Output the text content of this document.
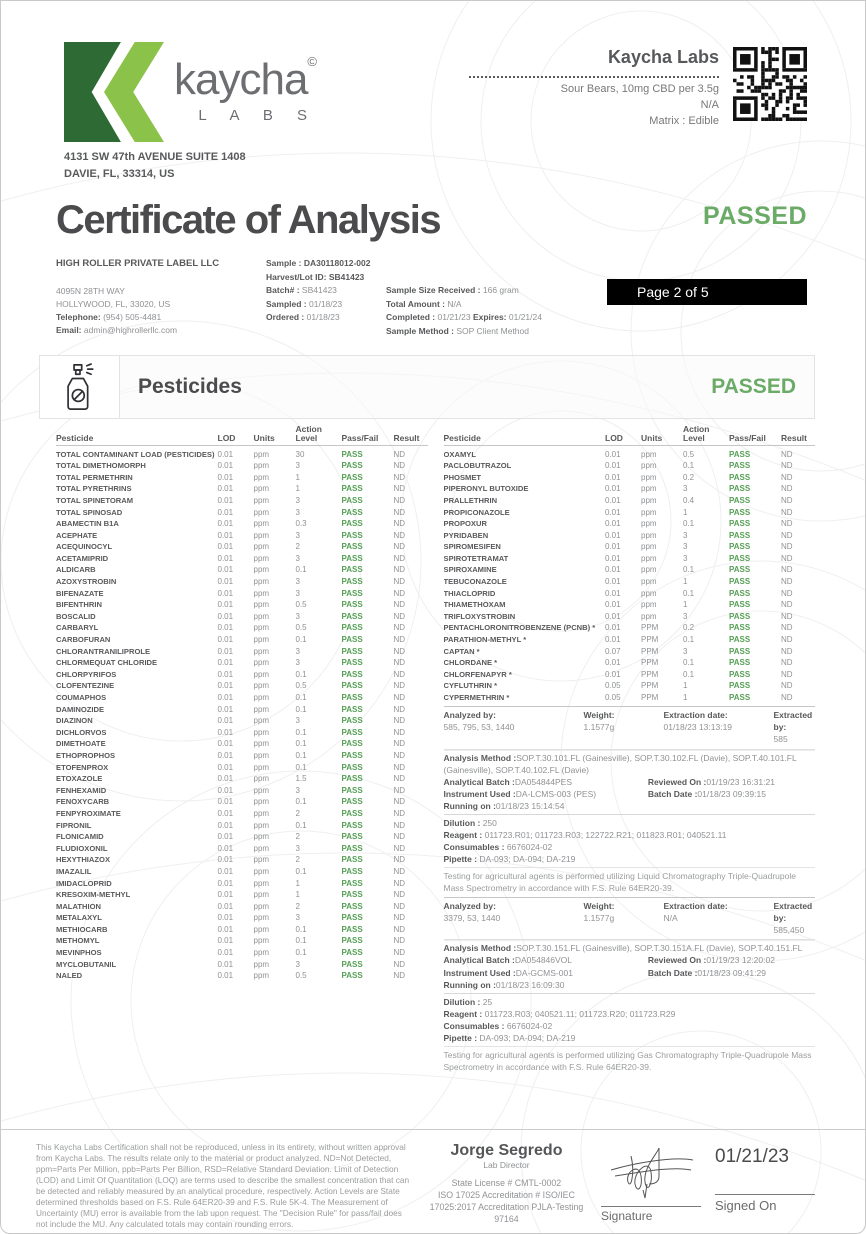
kaycha©
L A B S
Kaycha Labs
Sour Bears, 10mg CBD per 3.5g
N/A
Matrix : Edible
4131 SW 47th AVENUE SUITE 1408
DAVIE, FL, 33314, US
Certificate of Analysis	PASSED
HIGH ROLLER PRIVATE LABEL LLC
4095N 28TH WAY
HOLLYWOOD, FL, 33020, US
Telephone: (954) 505-4481
Email: admin@highrollerllc.com
Sample : DA30118012-002
Harvest/Lot ID: SB41423
Batch# : SB41423
Sampled : 01/18/23
Ordered : 01/18/23
Sample Size Received : 166 gram
Total Amount : N/A
Completed : 01/21/23 Expires: 01/21/24
Sample Method : SOP Client Method
Page 2 of 5
Pesticides	PASSED
Pesticide	LOD	Units
Action Level	Pass/Fail	Result
TOTAL CONTAMINANT LOAD (PESTICIDES) 0.01	ppm	30	PASS	ND
TOTAL DIMETHOMORPH	0.01	ppm	3	PASS	ND
TOTAL PERMETHRIN	0.01	ppm	1	PASS	ND
TOTAL PYRETHRINS	0.01	ppm	1	PASS	ND
TOTAL SPINETORAM	0.01	ppm	3	PASS	ND
TOTAL SPINOSAD	0.01	ppm	3	PASS	ND
ABAMECTIN B1A	0.01	ppm	0.3	PASS	ND
ACEPHATE	0.01	ppm	3	PASS	ND
ACEQUINOCYL	0.01	ppm	2	PASS	ND
ACETAMIPRID	0.01	ppm	3	PASS	ND
ALDICARB	0.01	ppm	0.1	PASS	ND
AZOXYSTROBIN	0.01	ppm	3	PASS	ND
BIFENAZATE	0.01	ppm	3	PASS	ND
BIFENTHRIN	0.01	ppm	0.5	PASS	ND
BOSCALID	0.01	ppm	3	PASS	ND
CARBARYL	0.01	ppm	0.5	PASS	ND
CARBOFURAN	0.01	ppm	0.1	PASS	ND
CHLORANTRANILIPROLE	0.01	ppm	3	PASS	ND
CHLORMEQUAT CHLORIDE	0.01	ppm	3	PASS	ND
CHLORPYRIFOS	0.01	ppm	0.1	PASS	ND
CLOFENTEZINE	0.01	ppm	0.5	PASS	ND
COUMAPHOS	0.01	ppm	0.1	PASS	ND
DAMINOZIDE	0.01	ppm	0.1	PASS	ND
DIAZINON	0.01	ppm	3	PASS	ND
DICHLORVOS	0.01	ppm	0.1	PASS	ND
DIMETHOATE	0.01	ppm	0.1	PASS	ND
ETHOPROPHOS	0.01	ppm	0.1	PASS	ND
ETOFENPROX	0.01	ppm	0.1	PASS	ND
ETOXAZOLE	0.01	ppm	1.5	PASS	ND
FENHEXAMID	0.01	ppm	3	PASS	ND
FENOXYCARB	0.01	ppm	0.1	PASS	ND
FENPYROXIMATE	0.01	ppm	2	PASS	ND
FIPRONIL	0.01	ppm	0.1	PASS	ND
FLONICAMID	0.01	ppm	2	PASS	ND
FLUDIOXONIL	0.01	ppm	3	PASS	ND
HEXYTHIAZOX	0.01	ppm	2	PASS	ND
IMAZALIL	0.01	ppm	0.1	PASS	ND
IMIDACLOPRID	0.01	ppm	1	PASS	ND
KRESOXIM-METHYL	0.01	ppm	1	PASS	ND
MALATHION	0.01	ppm	2	PASS	ND
METALAXYL	0.01	ppm	3	PASS	ND
METHIOCARB	0.01	ppm	0.1	PASS	ND
METHOMYL	0.01	ppm	0.1	PASS	ND
MEVINPHOS	0.01	ppm	0.1	PASS	ND
MYCLOBUTANIL	0.01	ppm	3	PASS	ND
NALED	0.01	ppm	0.5	PASS	ND
Pesticide	LOD	Units
Action Level	Pass/Fail	Result
OXAMYL	0.01	ppm	0.5	PASS	ND
PACLOBUTRAZOL	0.01	ppm	0.1	PASS	ND
PHOSMET	0.01	ppm	0.2	PASS	ND
PIPERONYL BUTOXIDE	0.01	ppm	3	PASS	ND
PRALLETHRIN	0.01	ppm	0.4	PASS	ND
PROPICONAZOLE	0.01	ppm	1	PASS	ND
PROPOXUR	0.01	ppm	0.1	PASS	ND
PYRIDABEN	0.01	ppm	3	PASS	ND
SPIROMESIFEN	0.01	ppm	3	PASS	ND
SPIROTETRAMAT	0.01	ppm	3	PASS	ND
SPIROXAMINE	0.01	ppm	0.1	PASS	ND
TEBUCONAZOLE	0.01	ppm	1	PASS	ND
THIACLOPRID	0.01	ppm	0.1	PASS	ND
THIAMETHOXAM	0.01	ppm	1	PASS	ND
TRIFLOXYSTROBIN	0.01	ppm	3	PASS	ND
PENTACHLORONITROBENZENE (PCNB) *	0.01	PPM	0.2	PASS	ND
PARATHION-METHYL *	0.01	PPM	0.1	PASS	ND
CAPTAN *	0.07	PPM	3	PASS	ND
CHLORDANE *	0.01	PPM	0.1	PASS	ND
CHLORFENAPYR *	0.01	PPM	0.1	PASS	ND
CYFLUTHRIN *	0.05	PPM	1	PASS	ND
CYPERMETHRIN *	0.05	PPM	1	PASS	ND
Analyzed by:
585, 795, 53, 1440
Weight:
1.1577g
Extraction date:
01/18/23 13:13:19
Extracted by:
585
Analysis Method :SOP.T.30.101.FL (Gainesville), SOP.T.30.102.FL (Davie), SOP.T.40.101.FL (Gainesville), SOP.T.40.102.FL (Davie)
Analytical Batch :DA054844PES	Reviewed On :01/19/23 16:31:21
Instrument Used :DA-LCMS-003 (PES)	Batch Date :01/18/23 09:39:15
Running on :01/18/23 15:14:54
Dilution : 250
Reagent : 011723.R01; 011723.R03; 122722.R21; 011823.R01; 040521.11
Consumables : 6676024-02
Pipette : DA-093; DA-094; DA-219
Testing for agricultural agents is performed utilizing Liquid Chromatography Triple-Quadrupole Mass Spectrometry in accordance with F.S. Rule 64ER20-39.
Analyzed by:
3379, 53, 1440
Weight:
1.1577g
Extraction date:
N/A
Extracted by:
585,450
Analysis Method :SOP.T.30.151.FL (Gainesville), SOP.T.30.151A.FL (Davie), SOP.T.40.151.FL
Analytical Batch :DA054846VOL	Reviewed On :01/19/23 12:20:02
Instrument Used :DA-GCMS-001	Batch Date :01/18/23 09:41:29
Running on :01/18/23 16:09:30
Dilution : 25
Reagent : 011723.R03; 040521.11; 011723.R20; 011723.R29
Consumables : 6676024-02
Pipette : DA-093; DA-094; DA-219
Testing for agricultural agents is performed utilizing Gas Chromatography Triple-Quadrupole Mass Spectrometry in accordance with F.S. Rule 64ER20-39.
This Kaycha Labs Certification shall not be reproduced, unless in its entirety, without written approval from Kaycha Labs. The results relate only to the material or product analyzed. ND=Not Detected, ppm=Parts Per Million, ppb=Parts Per Billion, RSD=Relative Standard Deviation. Limit of Detection (LOD) and Limit Of Quantitation (LOQ) are terms used to describe the smallest concentration that can be detected and reliably measured by an analytical procedure, respectively. Action Levels are State determined thresholds based on F.S. Rule 64ER20-39 and F.S. Rule 5K-4. The Measurement of Uncertainty (MU) error is available from the lab upon request. The "Decision Rule" for pass/fail does not include the MU. Any calculated totals may contain rounding errors.
Jorge Segredo
Lab Director
State License # CMTL-0002
ISO 17025 Accreditation # ISO/IEC 17025:2017 Accreditation PJLA-Testing 97164	Signature
01/21/23
Signed On
